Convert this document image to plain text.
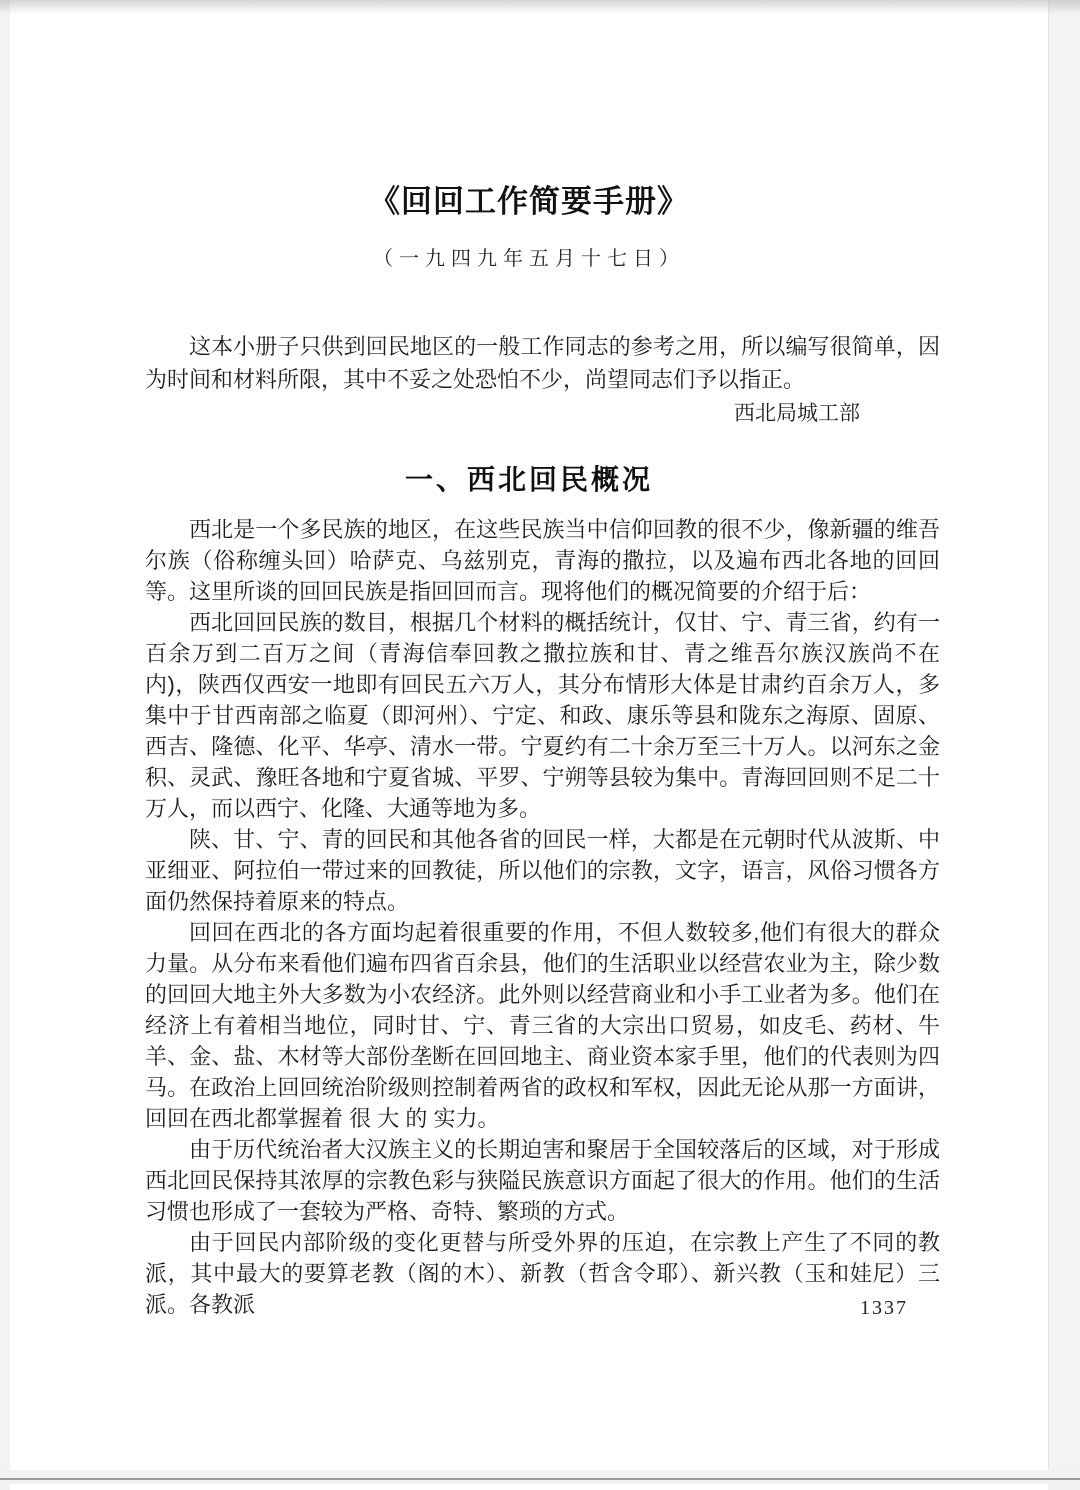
《回回工作简要手册》
（一九四九年五月十七日）
这本小册子只供到回民地区的一般工作同志的参考之用，所以编写很简单，因为时间和材料所限，其中不妥之处恐怕不少，尚望同志们予以指正。
西北局城工部
一、西北回民概况

西北是一个多民族的地区，在这些民族当中信仰回教的很不少，像新疆的维吾尔族（俗称缠头回）哈萨克、乌兹别克，青海的撒拉，以及遍布西北各地的回回等。这里所谈的回回民族是指回回而言。现将他们的概况简要的介绍于后：

西北回回民族的数目，根据几个材料的概括统计，仅甘、宁、青三省，约有一百余万到二百万之间（青海信奉回教之撒拉族和甘、青之维吾尔族汉族尚不在内)，陕西仅西安一地即有回民五六万人，其分布情形大体是甘肃约百余万人，多集中于甘西南部之临夏（即河州）、宁定、和政、康乐等县和陇东之海原、固原、西吉、隆德、化平、华亭、清水一带。宁夏约有二十余万至三十万人。以河东之金积、灵武、豫旺各地和宁夏省城、平罗、宁朔等县较为集中。青海回回则不足二十万人，而以西宁、化隆、大通等地为多。

陕、甘、宁、青的回民和其他各省的回民一样，大都是在元朝时代从波斯、中亚细亚、阿拉伯一带过来的回教徒，所以他们的宗教，文字，语言，风俗习惯各方面仍然保持着原来的特点。

回回在西北的各方面均起着很重要的作用，不但人数较多,他们有很大的群众力量。从分布来看他们遍布四省百余县，他们的生活职业以经营农业为主，除少数的回回大地主外大多数为小农经济。此外则以经营商业和小手工业者为多。他们在经济上有着相当地位，同时甘、宁、青三省的大宗出口贸易，如皮毛、药材、牛羊、金、盐、木材等大部份垄断在回回地主、商业资本家手里，他们的代表则为四马。在政治上回回统治阶级则控制着两省的政权和军权，因此无论从那一方面讲，回回在西北都掌握着 很 大 的 实力。

由于历代统治者大汉族主义的长期迫害和聚居于全国较落后的区域，对于形成西北回民保持其浓厚的宗教色彩与狭隘民族意识方面起了很大的作用。他们的生活习惯也形成了一套较为严格、奇特、繁琐的方式。

由于回民内部阶级的变化更替与所受外界的压迫，在宗教上产生了不同的教派，其中最大的要算老教（阁的木）、新教（哲含令耶）、新兴教（玉和娃尼）三派。各教派	1337
